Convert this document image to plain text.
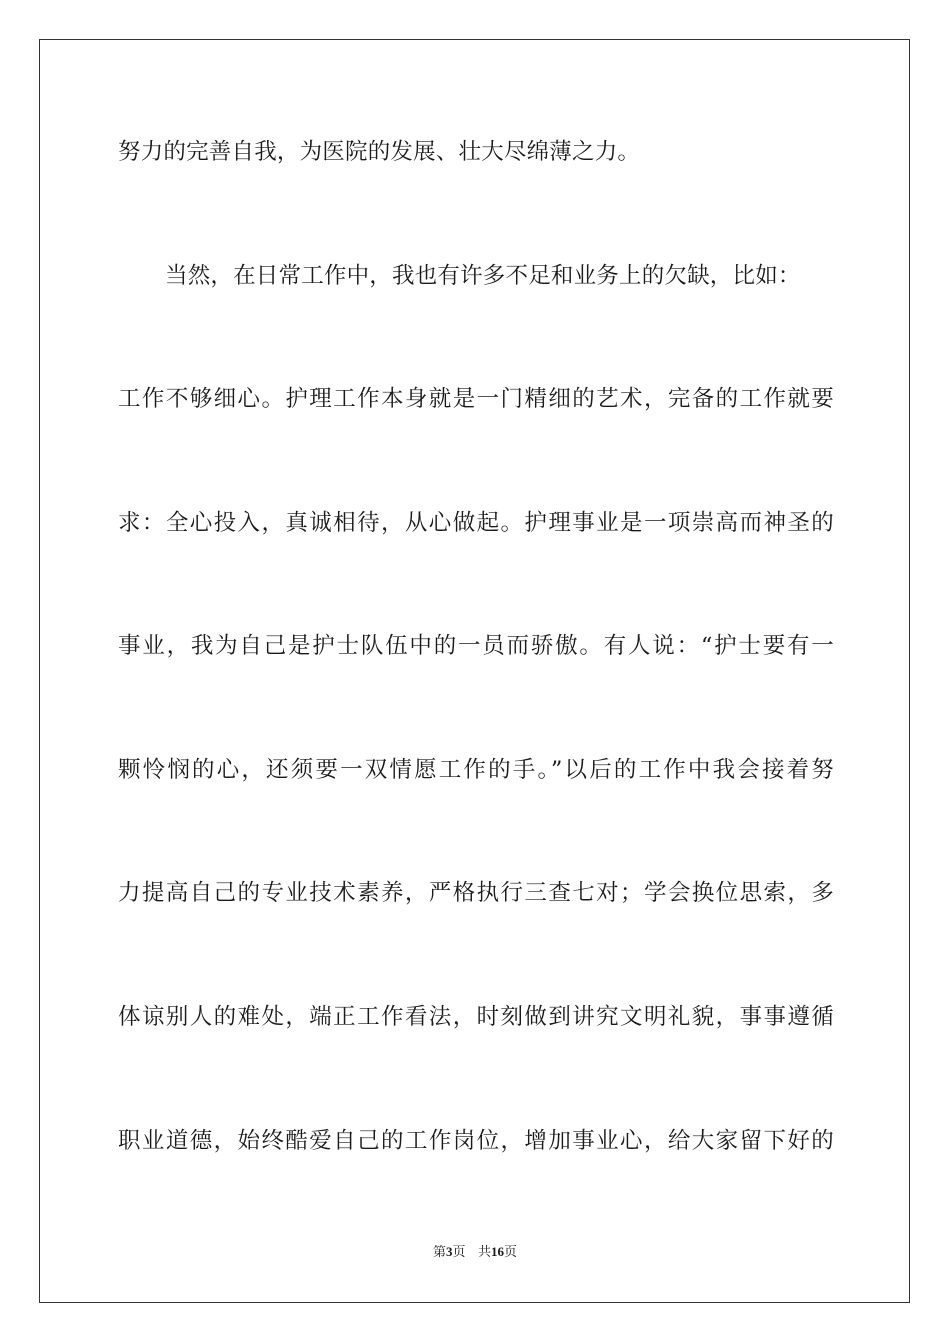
努力的完善自我，为医院的发展、壮大尽绵薄之力。
当然，在日常工作中，我也有许多不足和业务上的欠缺，比如：
工作不够细心。护理工作本身就是一门精细的艺术，完备的工作就要
求：全心投入，真诚相待，从心做起。护理事业是一项崇高而神圣的
事业，我为自己是护士队伍中的一员而骄傲。有人说：“护士要有一
颗怜悯的心，还须要一双情愿工作的手。”以后的工作中我会接着努
力提高自己的专业技术素养，严格执行三查七对；学会换位思索，多
体谅别人的难处，端正工作看法，时刻做到讲究文明礼貌，事事遵循
职业道德，始终酷爱自己的工作岗位，增加事业心，给大家留下好的
第3页 共16页
